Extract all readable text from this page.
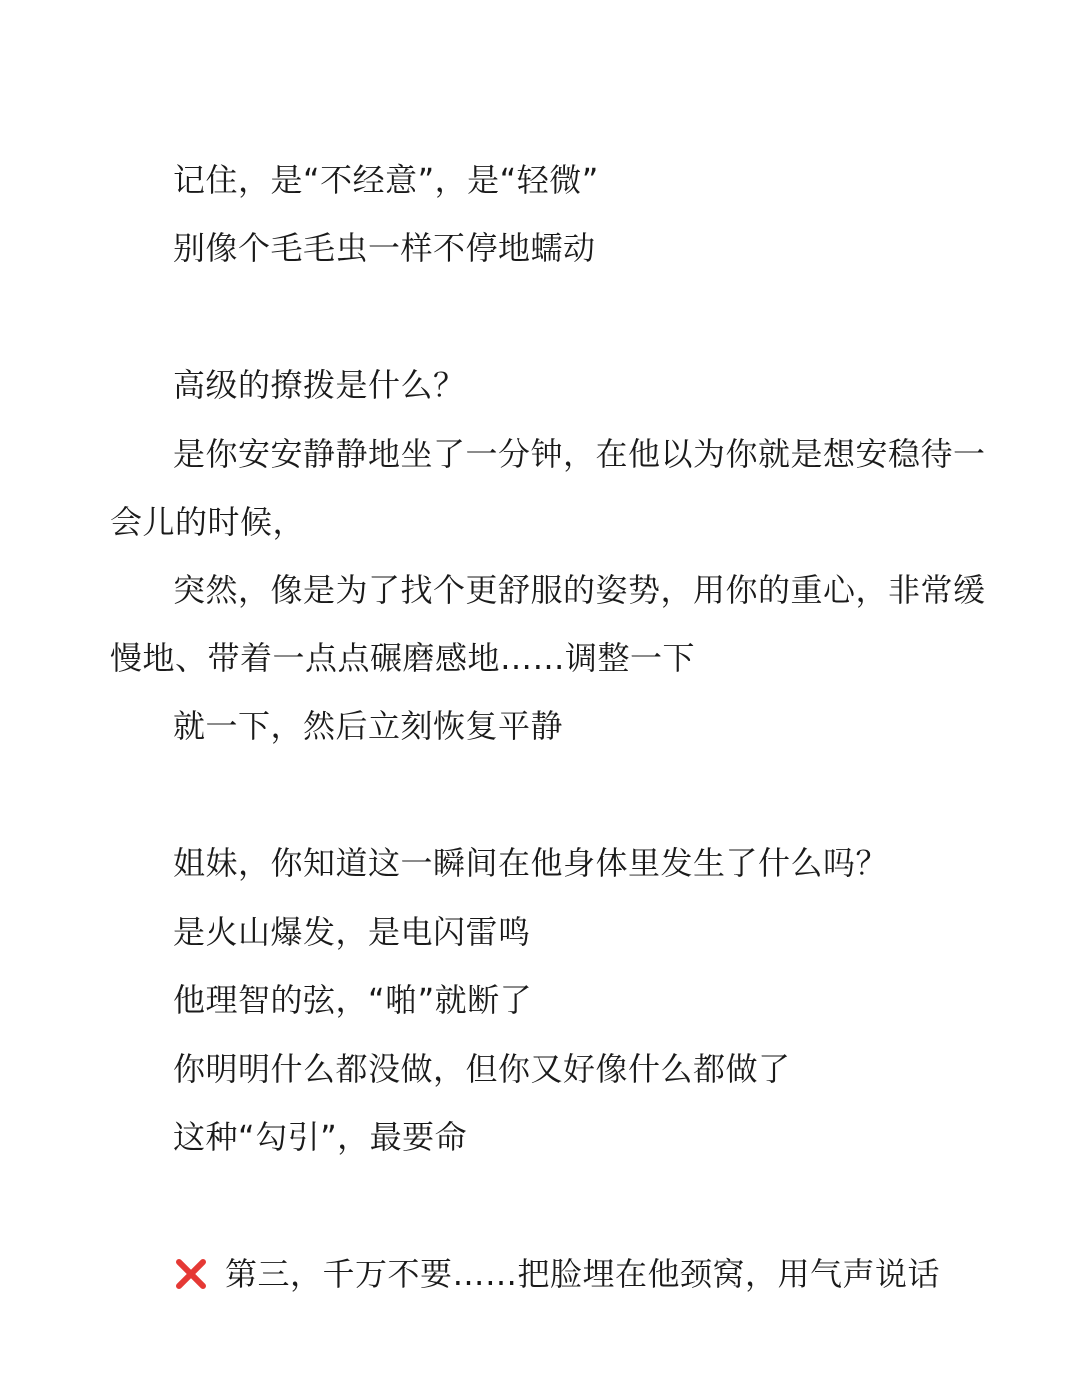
记住，是“不经意”，是“轻微”
别像个毛毛虫一样不停地蠕动
高级的撩拨是什么？
是你安安静静地坐了一分钟，在他以为你就是想安稳待一
会儿的时候，
突然，像是为了找个更舒服的姿势，用你的重心，非常缓
慢地、带着一点点碾磨感地……调整一下
就一下，然后立刻恢复平静
姐妹，你知道这一瞬间在他身体里发生了什么吗？
是火山爆发，是电闪雷鸣
他理智的弦，“啪”就断了
你明明什么都没做，但你又好像什么都做了
这种“勾引”，最要命
第三，千万不要……把脸埋在他颈窝，用气声说话
